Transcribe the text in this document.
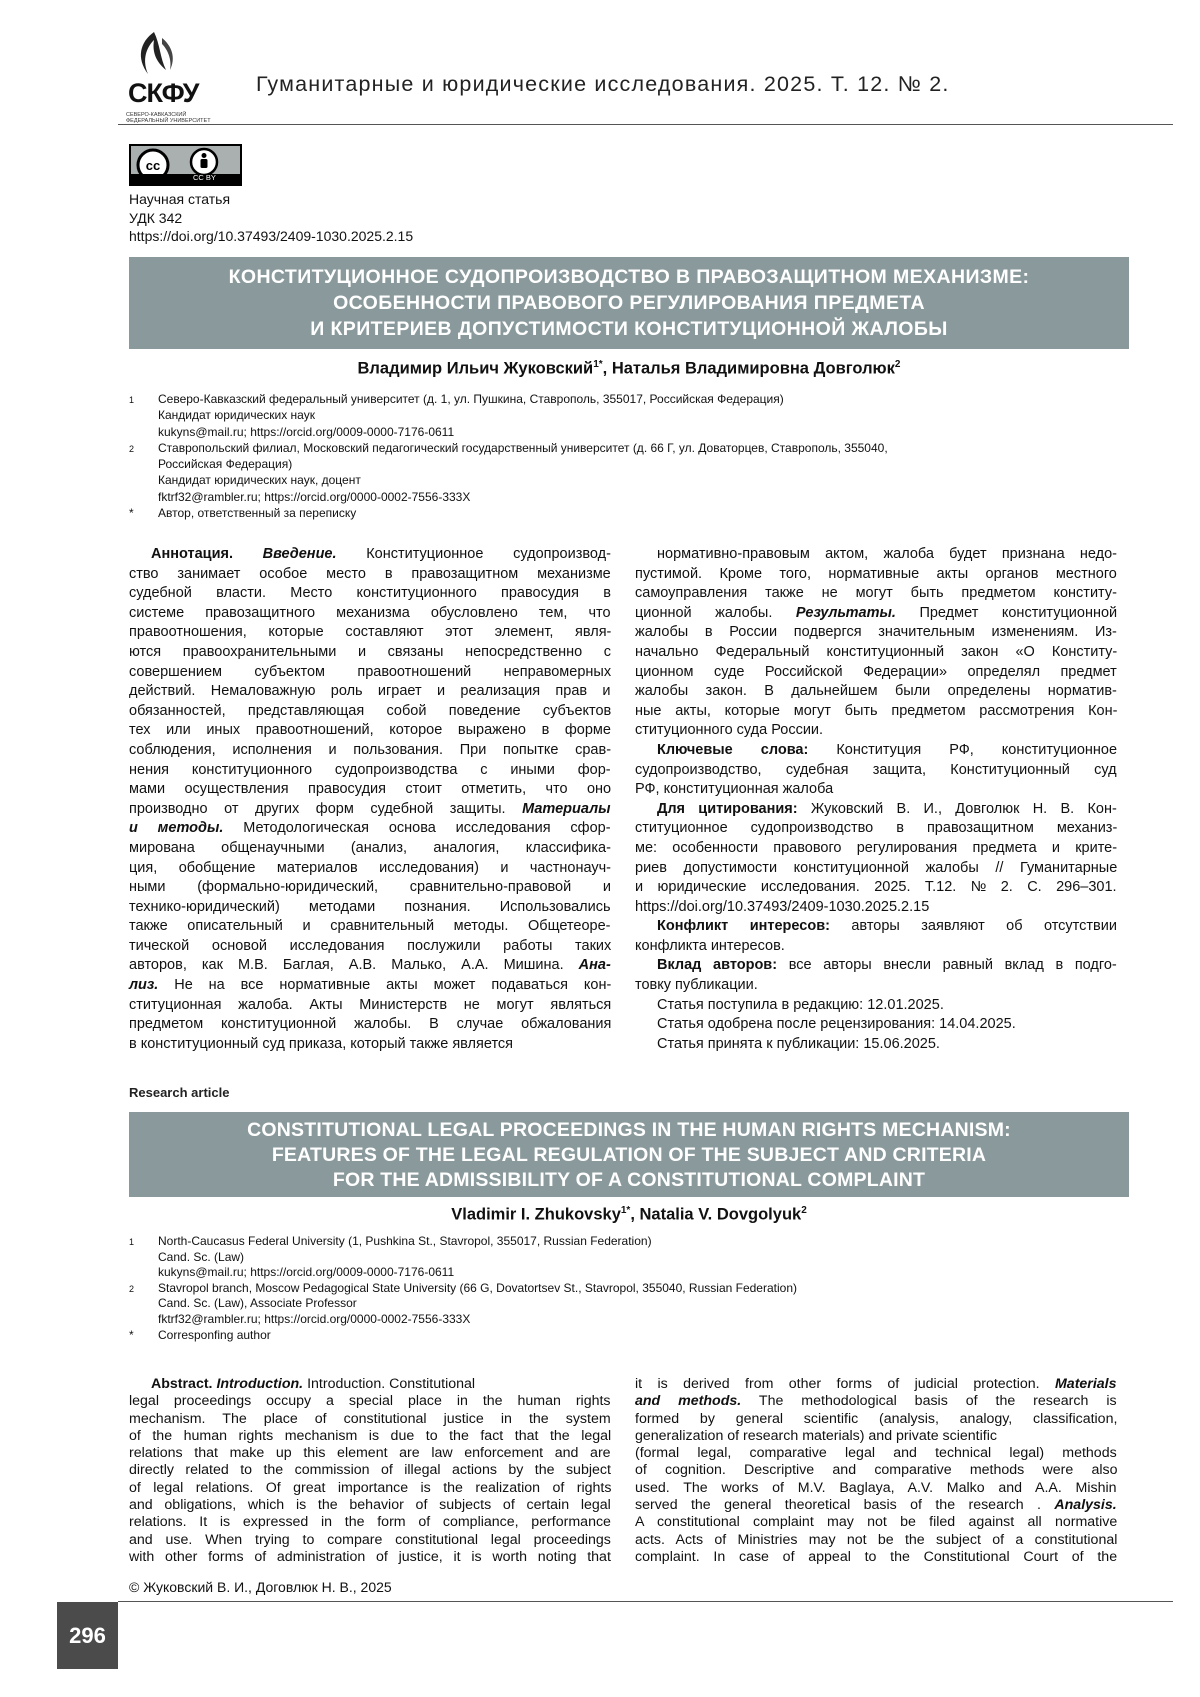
СКФУ
СЕВЕРО-КАВКАЗСКИЙ ФЕДЕРАЛЬНЫЙ УНИВЕРСИТЕТ
Гуманитарные и юридические исследования. 2025. Т. 12. № 2.
cc
CC BY
Научная статья
УДК 342
https://doi.org/10.37493/2409-1030.2025.2.15
КОНСТИТУЦИОННОЕ СУДОПРОИЗВОДСТВО В ПРАВОЗАЩИТНОМ МЕХАНИЗМЕ:
ОСОБЕННОСТИ ПРАВОВОГО РЕГУЛИРОВАНИЯ ПРЕДМЕТА
И КРИТЕРИЕВ ДОПУСТИМОСТИ КОНСТИТУЦИОННОЙ ЖАЛОБЫ
Владимир Ильич Жуковский$^{1*}$, Наталья Владимировна Довголюк$^2$
1	Северо-Кавказский федеральный университет (д. 1, ул. Пушкина, Ставрополь, 355017, Российская Федерация)
Кандидат юридических наук
kukyns@mail.ru; https://orcid.org/0009-0000-7176-0611
2	Ставропольский филиал, Московский педагогический государственный университет (д. 66 Г, ул. Доваторцев, Ставрополь, 355040,
Российская Федерация)
Кандидат юридических наук, доцент
fktrf32@rambler.ru; https://orcid.org/0000-0002-7556-333X
*	Автор, ответственный за переписку
Аннотация. Введение. Конституционное судопроизвод-
ство занимает особое место в правозащитном механизме
судебной власти. Место конституционного правосудия в
системе правозащитного механизма обусловлено тем, что
правоотношения, которые составляют этот элемент, явля-
ются правоохранительными и связаны непосредственно с
совершением субъектом правоотношений неправомерных
действий. Немаловажную роль играет и реализация прав и
обязанностей, представляющая собой поведение субъектов
тех или иных правоотношений, которое выражено в форме
соблюдения, исполнения и пользования. При попытке срав-
нения конституционного судопроизводства с иными фор-
мами осуществления правосудия стоит отметить, что оно
производно от других форм судебной защиты. Материалы
и методы. Методологическая основа исследования сфор-
мирована общенаучными (анализ, аналогия, классифика-
ция, обобщение материалов исследования) и частнонауч-
ными (формально-юридический, сравнительно-правовой и
технико-юридический) методами познания. Использовались
также описательный и сравнительный методы. Общетеоре-
тической основой исследования послужили работы таких
авторов, как М.В. Баглая, А.В. Малько, А.А. Мишина. Ана-
лиз. Не на все нормативные акты может подаваться кон-
ституционная жалоба. Акты Министерств не могут являться
предметом конституционной жалобы. В случае обжалования
в конституционный суд приказа, который также является
нормативно-правовым актом, жалоба будет признана недо-
пустимой. Кроме того, нормативные акты органов местного
самоуправления также не могут быть предметом конститу-
ционной жалобы. Результаты. Предмет конституционной
жалобы в России подвергся значительным изменениям. Из-
начально Федеральный конституционный закон «О Конститу-
ционном суде Российской Федерации» определял предмет
жалобы закон. В дальнейшем были определены норматив-
ные акты, которые могут быть предметом рассмотрения Кон-
ституционного суда России.
Ключевые слова: Конституция РФ, конституционное
судопроизводство, судебная защита, Конституционный суд
РФ, конституционная жалоба
Для цитирования: Жуковский В. И., Довголюк Н. В. Кон-
ституционное судопроизводство в правозащитном механиз-
ме: особенности правового регулирования предмета и крите-
риев допустимости конституционной жалобы // Гуманитарные
и юридические исследования. 2025. Т.12. № 2. С. 296–301.
https://doi.org/10.37493/2409-1030.2025.2.15
Конфликт интересов: авторы заявляют об отсутствии
конфликта интересов.
Вклад авторов: все авторы внесли равный вклад в подго-
товку публикации.
Статья поступила в редакцию: 12.01.2025.
Статья одобрена после рецензирования: 14.04.2025.
Статья принята к публикации: 15.06.2025.
Research article
CONSTITUTIONAL LEGAL PROCEEDINGS IN THE HUMAN RIGHTS MECHANISM:
FEATURES OF THE LEGAL REGULATION OF THE SUBJECT AND CRITERIA
FOR THE ADMISSIBILITY OF A CONSTITUTIONAL COMPLAINT
Vladimir I. Zhukovsky$^{1*}$, Natalia V. Dovgolyuk$^2$
1	North-Caucasus Federal University (1, Pushkina St., Stavropol, 355017, Russian Federation)
Cand. Sc. (Law)
kukyns@mail.ru; https://orcid.org/0009-0000-7176-0611
2	Stavropol branch, Moscow Pedagogical State University (66 G, Dovatortsev St., Stavropol, 355040, Russian Federation)
Cand. Sc. (Law), Associate Professor
fktrf32@rambler.ru; https://orcid.org/0000-0002-7556-333X
*	Corresponfing author
Abstract. Introduction. Introduction. Constitutional
legal proceedings occupy a special place in the human rights
mechanism. The place of constitutional justice in the system
of the human rights mechanism is due to the fact that the legal
relations that make up this element are law enforcement and are
directly related to the commission of illegal actions by the subject
of legal relations. Of great importance is the realization of rights
and obligations, which is the behavior of subjects of certain legal
relations. It is expressed in the form of compliance, performance
and use. When trying to compare constitutional legal proceedings
with other forms of administration of justice, it is worth noting that
it is derived from other forms of judicial protection. Materials
and methods. The methodological basis of the research is
formed by general scientific (analysis, analogy, classification,
generalization of research materials) and private scientific
(formal legal, comparative legal and technical legal) methods
of cognition. Descriptive and comparative methods were also
used. The works of M.V. Baglaya, A.V. Malko and A.A. Mishin
served the general theoretical basis of the research . Analysis.
A constitutional complaint may not be filed against all normative
acts. Acts of Ministries may not be the subject of a constitutional
complaint. In case of appeal to the Constitutional Court of the
© Жуковский В. И., Договлюк Н. В., 2025
296
